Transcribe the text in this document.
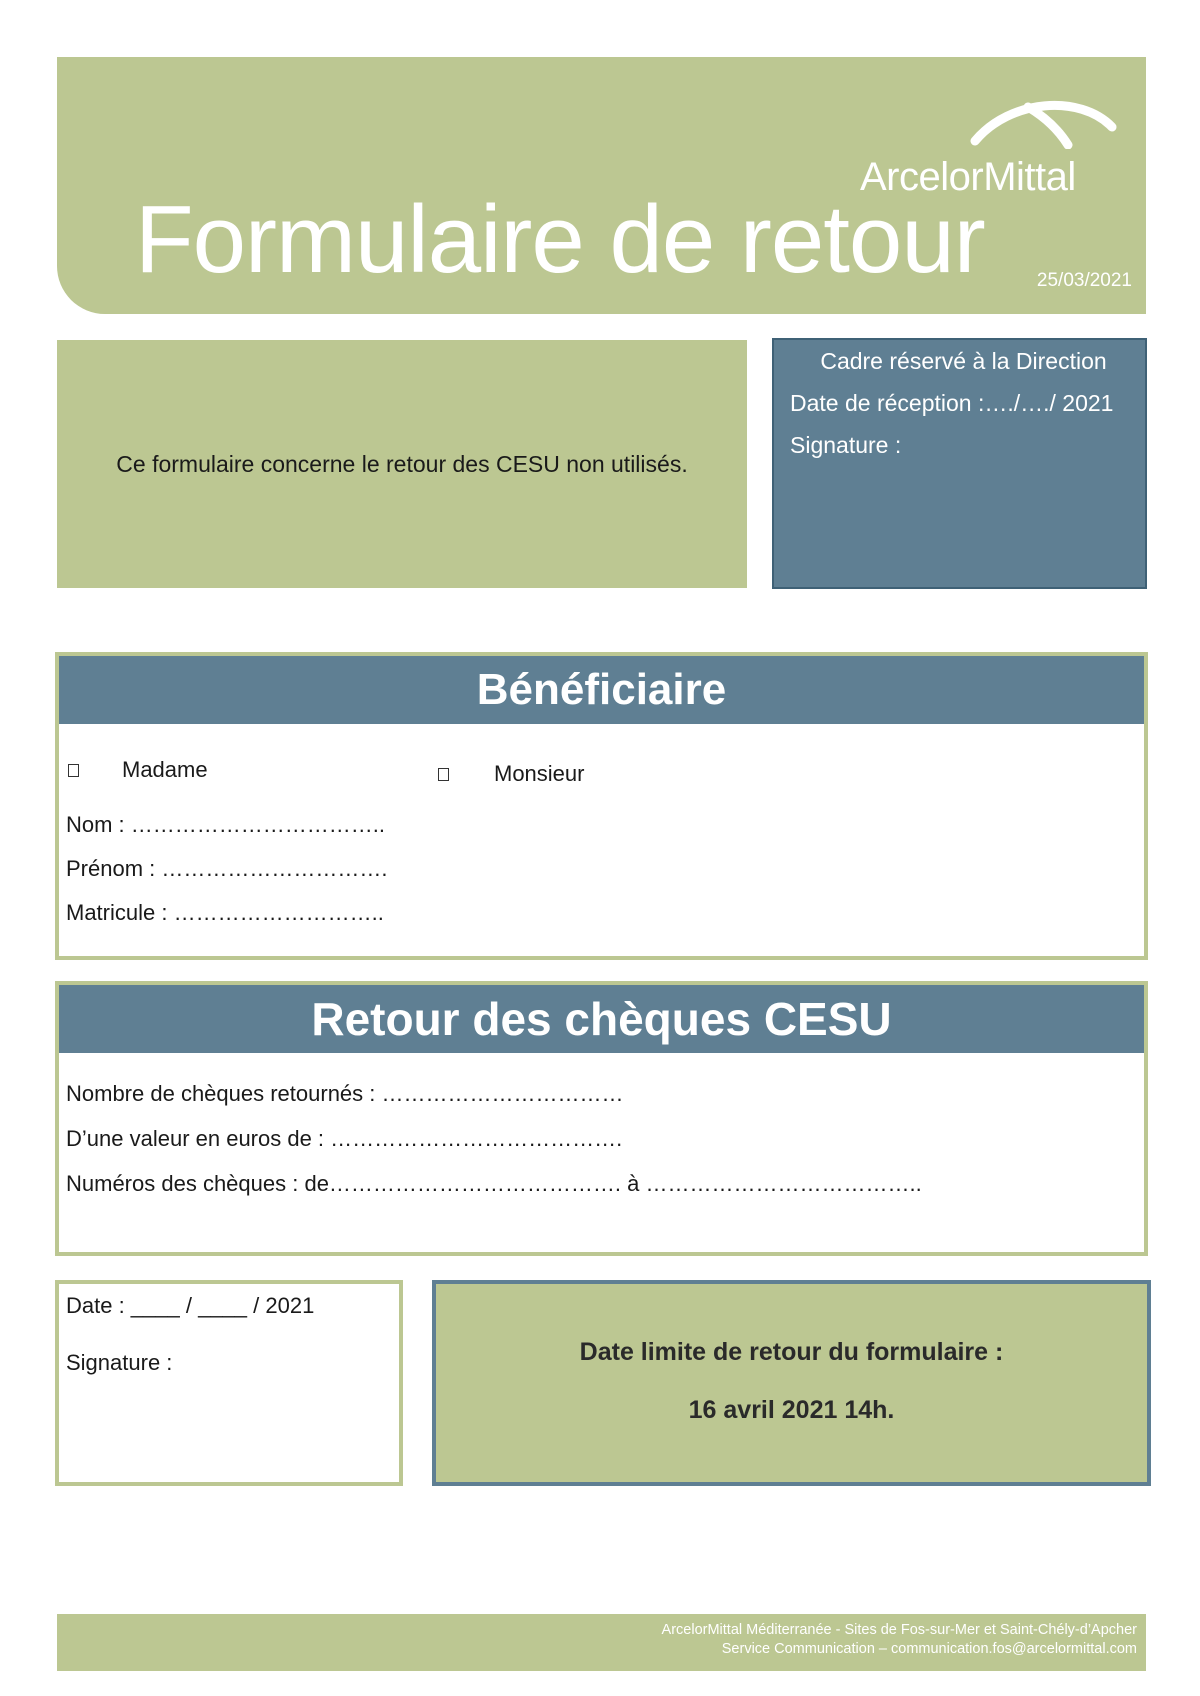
ArcelorMittal
Formulaire de retour	25/03/2021
Ce formulaire concerne le retour des CESU non utilisés.
Cadre réservé à la Direction
Date de réception :…./…./ 2021
Signature :
Bénéficiaire
Madame	Monsieur
Nom : ……………………………..
Prénom : ………………………….
Matricule : ………………………..
Retour des chèques CESU
Nombre de chèques retournés : ……………………………
D’une valeur en euros de : ………………………………….
Numéros des chèques : de…………………………………. à ………………………………..
Date : ____ / ____ / 2021
Signature :	Date limite de retour du formulaire :
16 avril 2021 14h.
ArcelorMittal Méditerranée - Sites de Fos-sur-Mer et Saint-Chély-d’Apcher
Service Communication – communication.fos@arcelormittal.com
